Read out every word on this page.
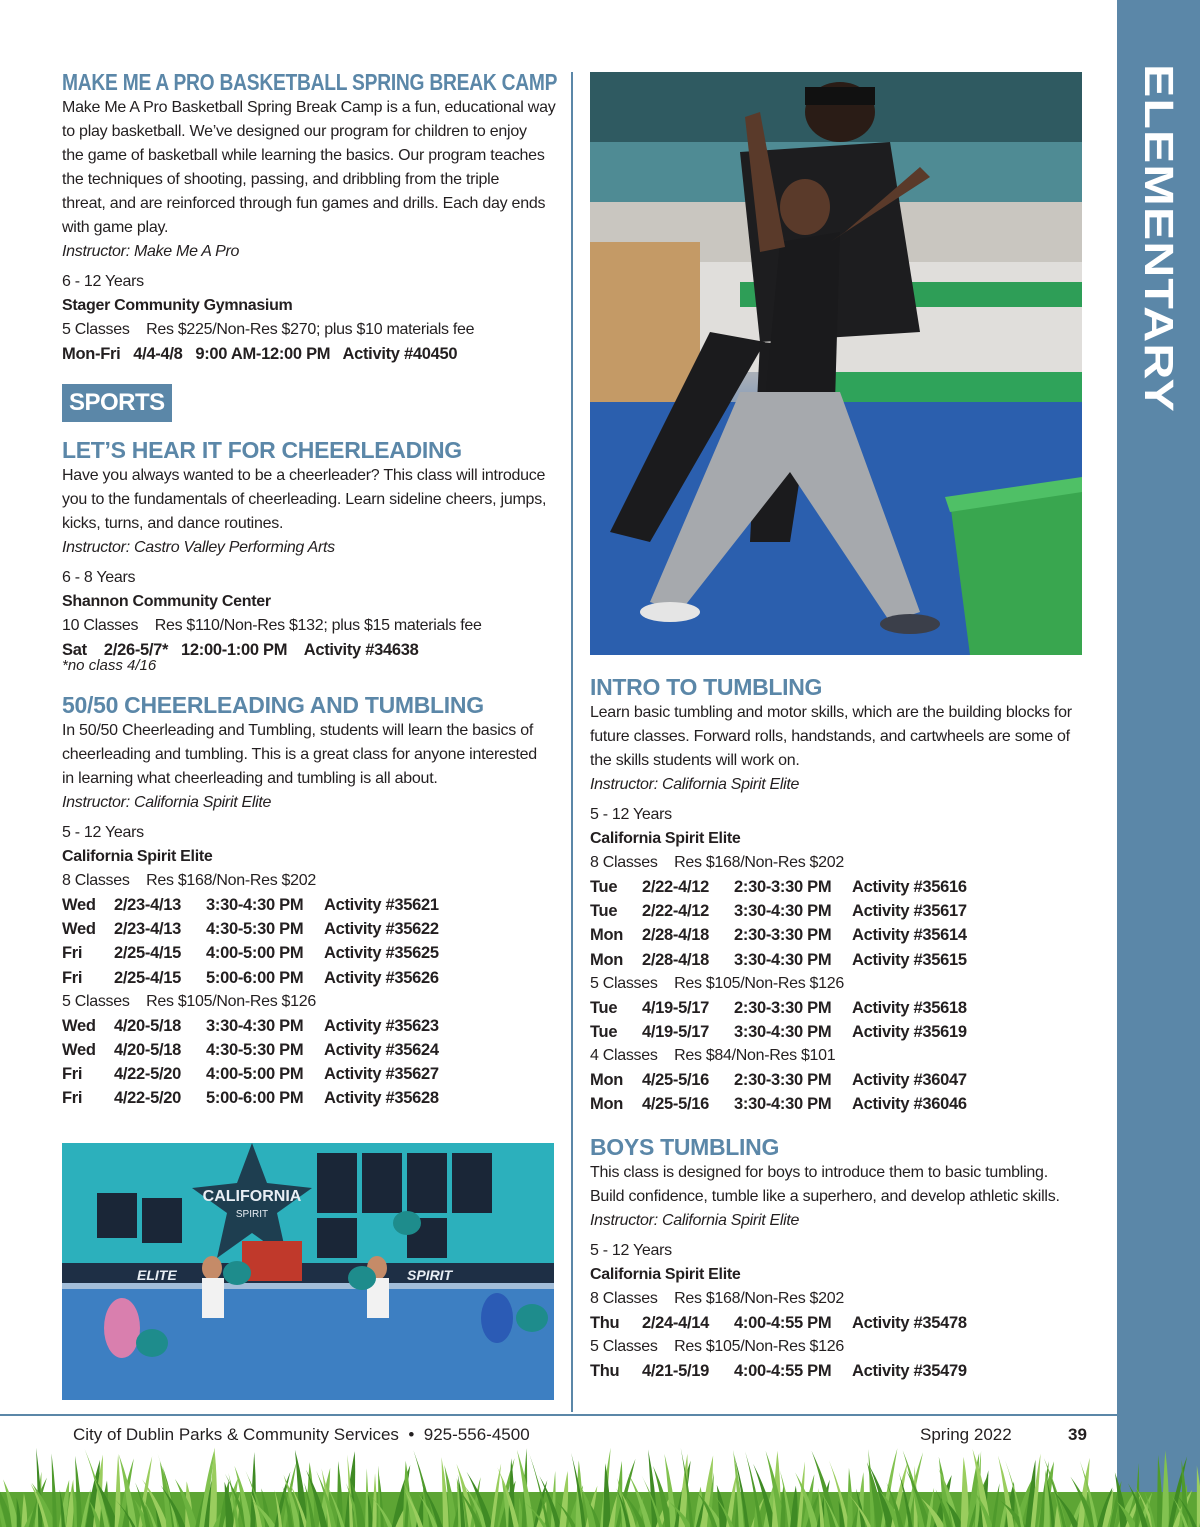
ELEMENTARY
MAKE ME A PRO BASKETBALL SPRING BREAK CAMP
Make Me A Pro Basketball Spring Break Camp is a fun, educational way
to play basketball. We’ve designed our program for children to enjoy
the game of basketball while learning the basics. Our program teaches
the techniques of shooting, passing, and dribbling from the triple
threat, and are reinforced through fun games and drills. Each day ends
with game play.
Instructor: Make Me A Pro
6 - 12 Years
Stager Community Gymnasium
5 Classes    Res $225/Non-Res $270; plus $10 materials fee
Mon-Fri   4/4-4/8   9:00 AM-12:00 PM   Activity #40450
SPORTS
LET’S HEAR IT FOR CHEERLEADING
Have you always wanted to be a cheerleader? This class will introduce
you to the fundamentals of cheerleading. Learn sideline cheers, jumps,
kicks, turns, and dance routines.
Instructor: Castro Valley Performing Arts
6 - 8 Years
Shannon Community Center
10 Classes    Res $110/Non-Res $132; plus $15 materials fee
Sat    2/26-5/7*   12:00-1:00 PM    Activity #34638
*no class 4/16
50/50 CHEERLEADING AND TUMBLING
In 50/50 Cheerleading and Tumbling, students will learn the basics of
cheerleading and tumbling. This is a great class for anyone interested
in learning what cheerleading and tumbling is all about.
Instructor: California Spirit Elite
5 - 12 Years
California Spirit Elite
8 Classes    Res $168/Non-Res $202
Wed	2/23-4/13	3:30-4:30 PM	Activity #35621
Wed	2/23-4/13	4:30-5:30 PM	Activity #35622
Fri	2/25-4/15	4:00-5:00 PM	Activity #35625
Fri	2/25-4/15	5:00-6:00 PM	Activity #35626
5 Classes    Res $105/Non-Res $126
Wed	4/20-5/18	3:30-4:30 PM	Activity #35623
Wed	4/20-5/18	4:30-5:30 PM	Activity #35624
Fri	4/22-5/20	4:00-5:00 PM	Activity #35627
Fri	4/22-5/20	5:00-6:00 PM	Activity #35628
INTRO TO TUMBLING
Learn basic tumbling and motor skills, which are the building blocks for
future classes. Forward rolls, handstands, and cartwheels are some of
the skills students will work on.
Instructor: California Spirit Elite
5 - 12 Years
California Spirit Elite
8 Classes    Res $168/Non-Res $202
Tue	2/22-4/12	2:30-3:30 PM	Activity #35616
Tue	2/22-4/12	3:30-4:30 PM	Activity #35617
Mon	2/28-4/18	2:30-3:30 PM	Activity #35614
Mon	2/28-4/18	3:30-4:30 PM	Activity #35615
5 Classes    Res $105/Non-Res $126
Tue	4/19-5/17	2:30-3:30 PM	Activity #35618
Tue	4/19-5/17	3:30-4:30 PM	Activity #35619
4 Classes    Res $84/Non-Res $101
Mon	4/25-5/16	2:30-3:30 PM	Activity #36047
Mon	4/25-5/16	3:30-4:30 PM	Activity #36046
BOYS TUMBLING
This class is designed for boys to introduce them to basic tumbling.
Build confidence, tumble like a superhero, and develop athletic skills.
Instructor: California Spirit Elite
5 - 12 Years
California Spirit Elite
8 Classes    Res $168/Non-Res $202
Thu	2/24-4/14	4:00-4:55 PM	Activity #35478
5 Classes    Res $105/Non-Res $126
Thu	4/21-5/19	4:00-4:55 PM	Activity #35479
CALIFORNIA
SPIRIT
ELITE	SPIRIT
City of Dublin Parks & Community Services  •  925-556-4500	Spring 2022	39
